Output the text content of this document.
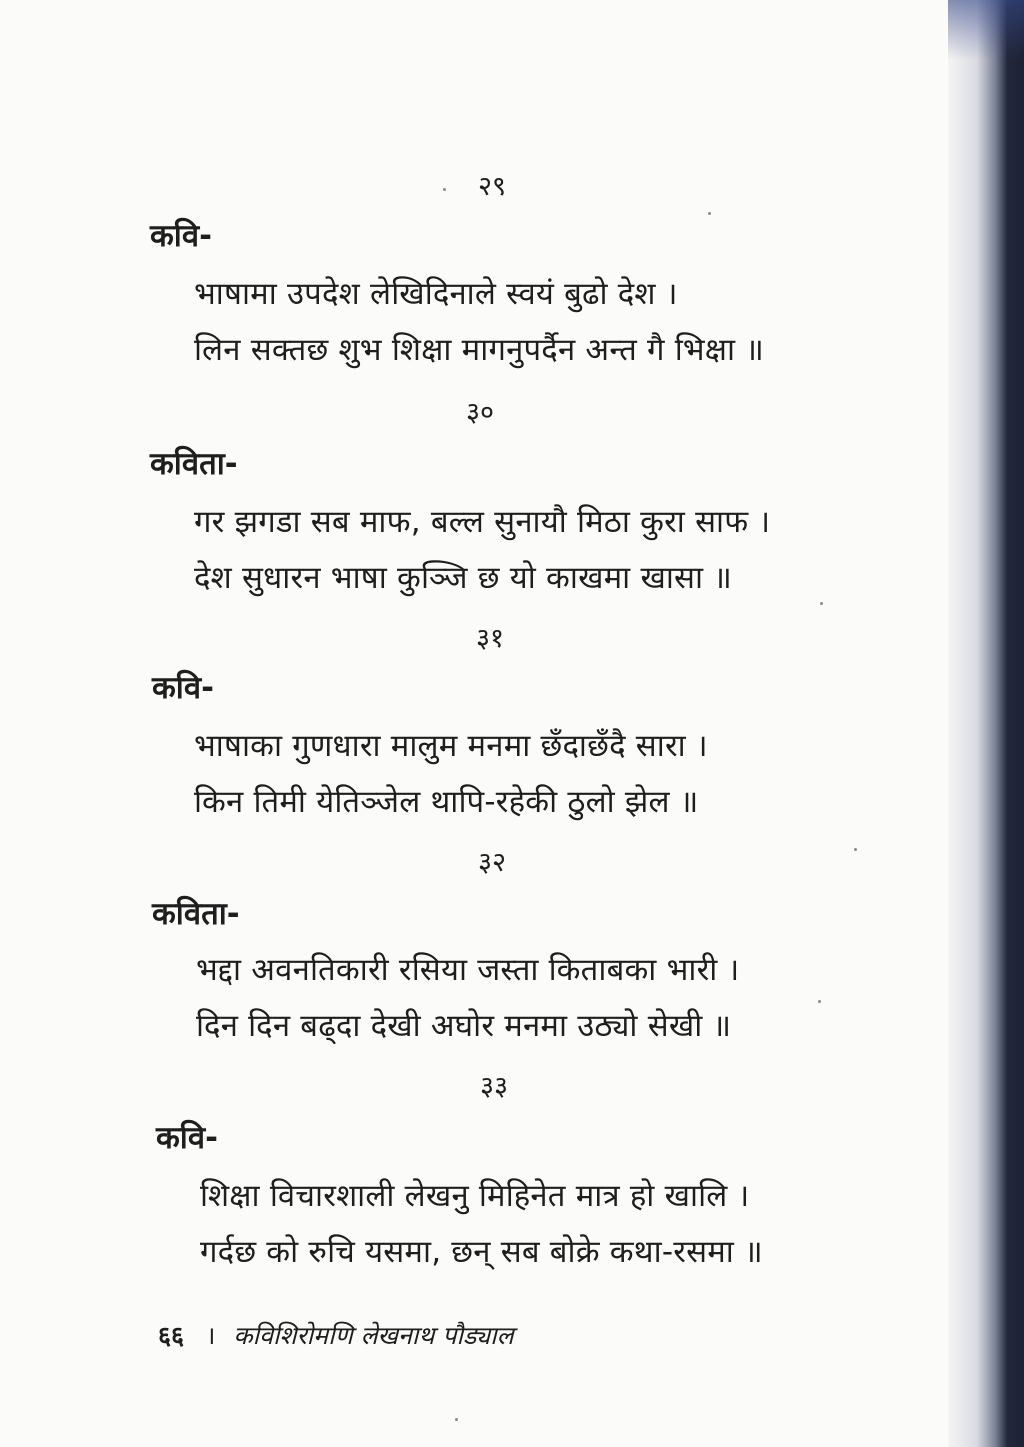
२९
कवि-
भाषामा उपदेश लेखिदिनाले स्वयं बुढो देश ।
लिन सक्तछ शुभ शिक्षा मागनुपर्दैन अन्त गै भिक्षा ॥
३०
कविता-
गर झगडा सब माफ, बल्ल सुनायौ मिठा कुरा साफ ।
देश सुधारन भाषा कुञ्जि छ यो काखमा खासा ॥
३१
कवि-
भाषाका गुणधारा मालुम मनमा छँदाछँदै सारा ।
किन तिमी येतिञ्जेल थापि-रहेकी ठुलो झेल ॥
३२
कविता-
भद्दा अवनतिकारी रसिया जस्ता किताबका भारी ।
दिन दिन बढ्दा देखी अघोर मनमा उठ्यो सेखी ॥
३३
कवि-
शिक्षा विचारशाली लेखनु मिहिनेत मात्र हो खालि ।
गर्दछ को रुचि यसमा, छन् सब बोक्रे कथा-रसमा ॥
६६ । कविशिरोमणि लेखनाथ पौड्याल
